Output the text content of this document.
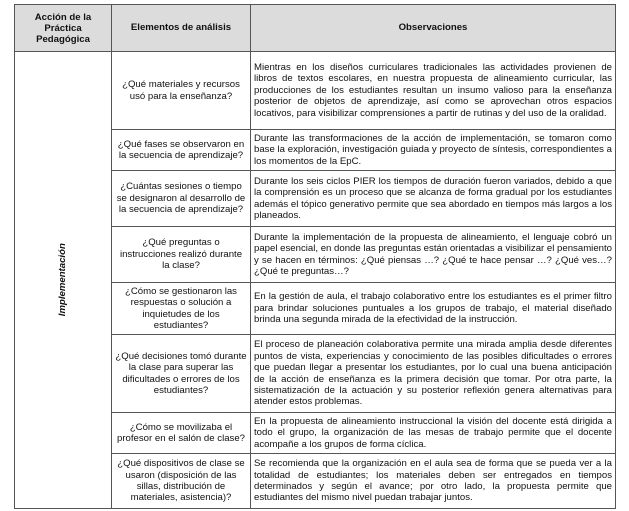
Acción de la Práctica Pedagógica	Elementos de análisis	Observaciones
Implementación	¿Qué materiales y recursos usó para la enseñanza?	Mientras en los diseños curriculares tradicionales las actividades provienen de libros de textos escolares, en nuestra propuesta de alineamiento curricular, las producciones de los estudiantes resultan un insumo valioso para la enseñanza posterior de objetos de aprendizaje, así como se aprovechan otros espacios locativos, para visibilizar comprensiones a partir de rutinas y del uso de la oralidad.
	¿Qué fases se observaron en la secuencia de aprendizaje?	Durante las transformaciones de la acción de implementación, se tomaron como base la exploración, investigación guiada y proyecto de síntesis, correspondientes a los momentos de la EpC.
	¿Cuántas sesiones o tiempo se designaron al desarrollo de la secuencia de aprendizaje?	Durante los seis ciclos PIER los tiempos de duración fueron variados, debido a que la comprensión es un proceso que se alcanza de forma gradual por los estudiantes además el tópico generativo permite que sea abordado en tiempos más largos a los planeados.
	¿Qué preguntas o instrucciones realizó durante la clase?	Durante la implementación de la propuesta de alineamiento, el lenguaje cobró un papel esencial, en donde las preguntas están orientadas a visibilizar el pensamiento y se hacen en términos: ¿Qué piensas …? ¿Qué te hace pensar …? ¿Qué ves…? ¿Qué te preguntas…?
	¿Cómo se gestionaron las respuestas o solución a inquietudes de los estudiantes?	En la gestión de aula, el trabajo colaborativo entre los estudiantes es el primer filtro para brindar soluciones puntuales a los grupos de trabajo, el material diseñado brinda una segunda mirada de la efectividad de la instrucción.
	¿Qué decisiones tomó durante la clase para superar las dificultades o errores de los estudiantes?	El proceso de planeación colaborativa permite una mirada amplia desde diferentes puntos de vista, experiencias y conocimiento de las posibles dificultades o errores que puedan llegar a presentar los estudiantes, por lo cual una buena anticipación de la acción de enseñanza es la primera decisión que tomar. Por otra parte, la sistematización de la actuación y su posterior reflexión genera alternativas para atender estos problemas.
	¿Cómo se movilizaba el profesor en el salón de clase?	En la propuesta de alineamiento instruccional la visión del docente está dirigida a todo el grupo, la organización de las mesas de trabajo permite que el docente acompañe a los grupos de forma cíclica.
	¿Qué dispositivos de clase se usaron (disposición de las sillas, distribución de materiales, asistencia)?	Se recomienda que la organización en el aula sea de forma que se pueda ver a la totalidad de estudiantes; los materiales deben ser entregados en tiempos determinados y según el avance; por otro lado, la propuesta permite que estudiantes del mismo nivel puedan trabajar juntos.
